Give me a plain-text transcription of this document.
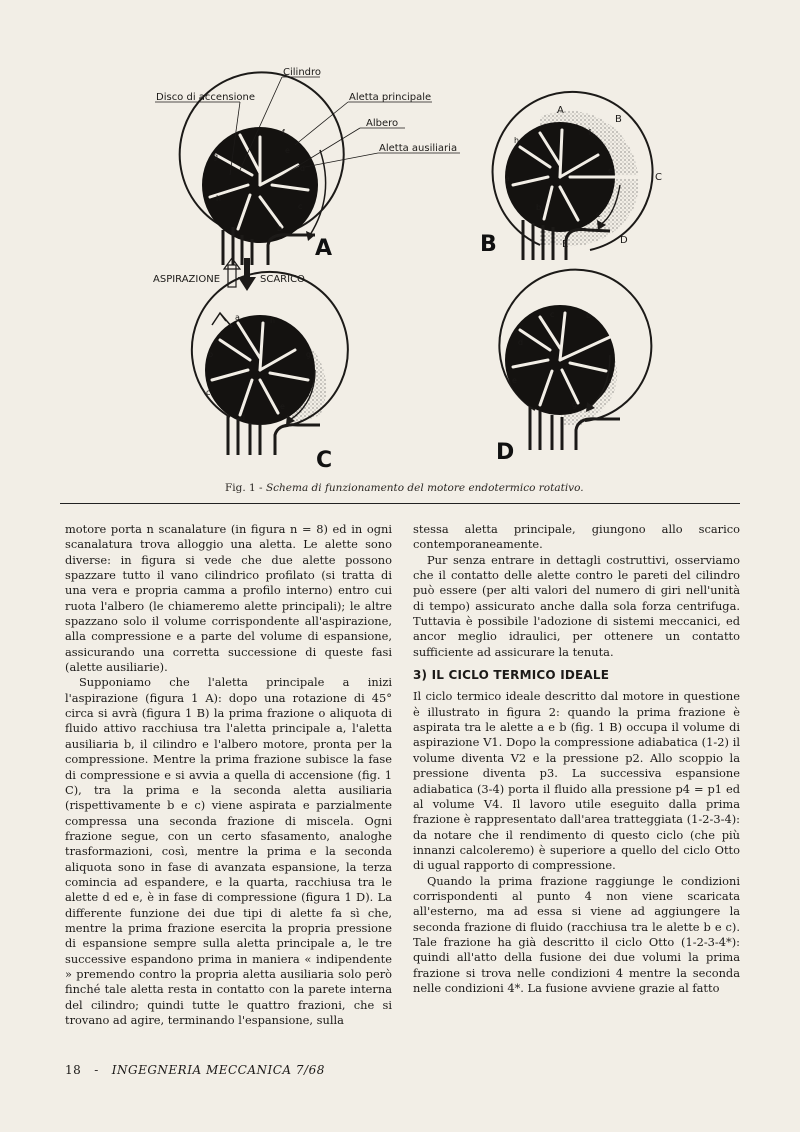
h
g
f
d
c
b
e
A
Cilindro
Disco di accensione	Aletta principale
Albero
Aletta ausiliaria
ASPIRAZIONE	SCARICO
a
h
f
e
c
b
A
B
C
D
E
B
a	h
b
c
d
e
g
C
c	b
d
e
g
h
D
Fig. 1 - Schema di funzionamento del motore endotermico rotativo.

motore porta n scanalature (in figura n = 8) ed in ogni scanalatura trova alloggio una aletta. Le alette sono diverse: in figura si vede che due alette possono spazzare tutto il vano cilindrico profilato (si tratta di una vera e propria camma a profilo interno) entro cui ruota l'albero (le chiameremo alette principali); le altre spazzano solo il volume corrispondente all'aspirazione, alla compressione e a parte del volume di espansione, assicurando una corretta successione di queste fasi (alette ausiliarie).

Supponiamo che l'aletta principale a inizi l'aspirazione (figura 1 A): dopo una rotazione di 45° circa si avrà (figura 1 B) la prima frazione o aliquota di fluido attivo racchiusa tra l'aletta principale a, l'aletta ausiliaria b, il cilindro e l'albero motore, pronta per la compressione. Mentre la prima frazione subisce la fase di compressione e si avvia a quella di accensione (fig. 1 C), tra la prima e la seconda aletta ausiliaria (rispettivamente b e c) viene aspirata e parzialmente compressa una seconda frazione di miscela. Ogni frazione segue, con un certo sfasamento, analoghe trasformazioni, così, mentre la prima e la seconda aliquota sono in fase di avanzata espansione, la terza comincia ad espandere, e la quarta, racchiusa tra le alette d ed e, è in fase di compressione (figura 1 D). La differente funzione dei due tipi di alette fa sì che, mentre la prima frazione esercita la propria pressione di espansione sempre sulla aletta principale a, le tre successive espandono prima in maniera « indipendente » premendo contro la propria aletta ausiliaria solo però finché tale aletta resta in contatto con la parete interna del cilindro; quindi tutte le quattro frazioni, che si trovano ad agire, terminando l'espansione, sulla

stessa aletta principale, giungono allo scarico contemporaneamente.

Pur senza entrare in dettagli costruttivi, osserviamo che il contatto delle alette contro le pareti del cilindro può essere (per alti valori del numero di giri nell'unità di tempo) assicurato anche dalla sola forza centrifuga. Tuttavia è possibile l'adozione di sistemi meccanici, ed ancor meglio idraulici, per ottenere un contatto sufficiente ad assicurare la tenuta.

3) IL CICLO TERMICO IDEALE

Il ciclo termico ideale descritto dal motore in questione è illustrato in figura 2: quando la prima frazione è aspirata tra le alette a e b (fig. 1 B) occupa il volume di aspirazione V1. Dopo la compressione adiabatica (1-2) il volume diventa V2 e la pressione p2. Allo scoppio la pressione diventa p3. La successiva espansione adiabatica (3-4) porta il fluido alla pressione p4 = p1 ed al volume V4. Il lavoro utile eseguito dalla prima frazione è rappresentato dall'area tratteggiata (1-2-3-4): da notare che il rendimento di questo ciclo (che più innanzi calcoleremo) è superiore a quello del ciclo Otto di ugual rapporto di compressione.

Quando la prima frazione raggiunge le condizioni corrispondenti al punto 4 non viene scaricata all'esterno, ma ad essa si viene ad aggiungere la seconda frazione di fluido (racchiusa tra le alette b e c). Tale frazione ha già descritto il ciclo Otto (1-2-3-4*): quindi all'atto della fusione dei due volumi la prima frazione si trova nelle condizioni 4 mentre la seconda nelle condizioni 4*. La fusione avviene grazie al fatto

18 - INGEGNERIA MECCANICA 7/68
